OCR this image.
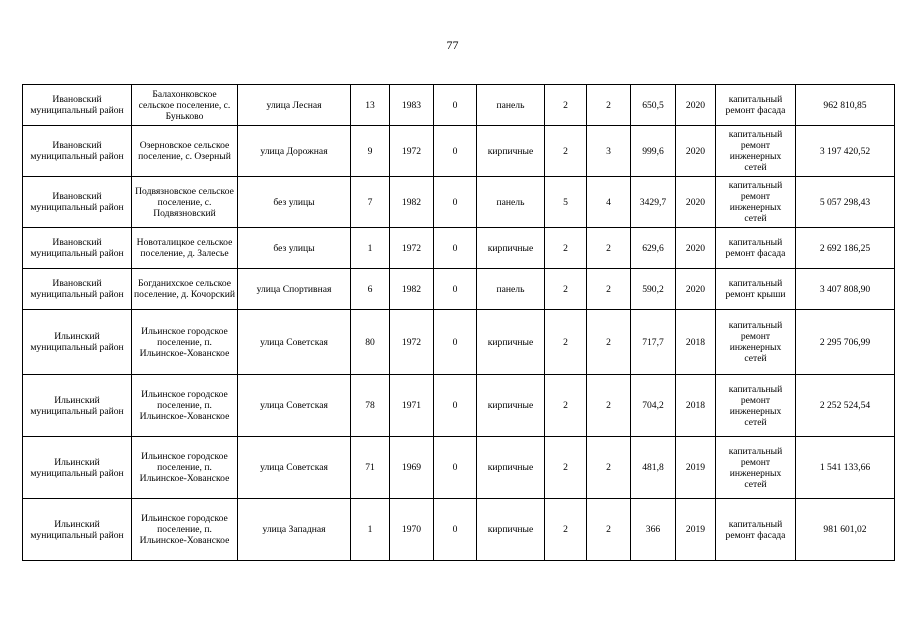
77
Ивановский муниципальный район	Балахонковское сельское поселение, с. Буньково	улица Лесная	13	1983	0	панель	2	2	650,5	2020	капитальный ремонт фасада	962 810,85
Ивановский муниципальный район	Озерновское сельское поселение, с. Озерный	улица Дорожная	9	1972	0	кирпичные	2	3	999,6	2020	капитальный ремонт инженерных сетей	3 197 420,52
Ивановский муниципальный район	Подвязновское сельское поселение, с. Подвязновский	без улицы	7	1982	0	панель	5	4	3429,7	2020	капитальный ремонт инженерных сетей	5 057 298,43
Ивановский муниципальный район	Новоталицкое сельское поселение, д. Залесье	без улицы	1	1972	0	кирпичные	2	2	629,6	2020	капитальный ремонт фасада	2 692 186,25
Ивановский муниципальный район	Богданихское сельское поселение, д. Кочорский	улица Спортивная	6	1982	0	панель	2	2	590,2	2020	капитальный ремонт крыши	3 407 808,90
Ильинский муниципальный район	Ильинское городское поселение, п. Ильинское-Хованское	улица Советская	80	1972	0	кирпичные	2	2	717,7	2018	капитальный ремонт инженерных сетей	2 295 706,99
Ильинский муниципальный район	Ильинское городское поселение, п. Ильинское-Хованское	улица Советская	78	1971	0	кирпичные	2	2	704,2	2018	капитальный ремонт инженерных сетей	2 252 524,54
Ильинский муниципальный район	Ильинское городское поселение, п. Ильинское-Хованское	улица Советская	71	1969	0	кирпичные	2	2	481,8	2019	капитальный ремонт инженерных сетей	1 541 133,66
Ильинский муниципальный район	Ильинское городское поселение, п. Ильинское-Хованское	улица Западная	1	1970	0	кирпичные	2	2	366	2019	капитальный ремонт фасада	981 601,02
